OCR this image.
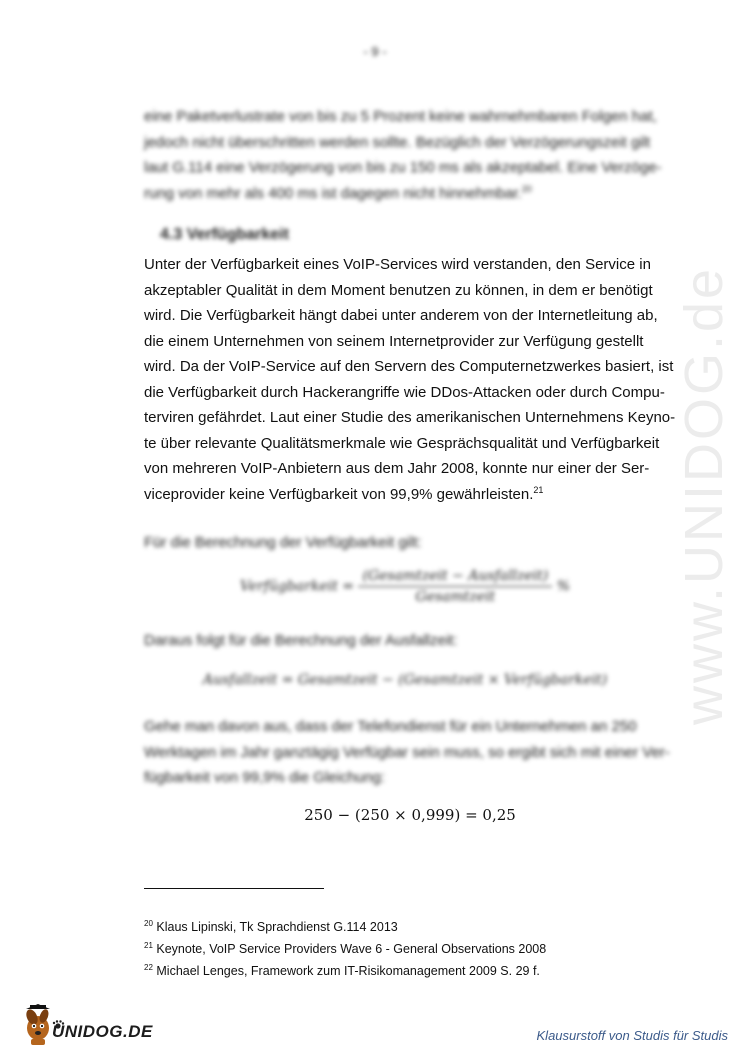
- 9 -
eine Paketverlustrate von bis zu 5 Prozent keine wahrnehmbaren Folgen hat,
jedoch nicht überschritten werden sollte. Bezüglich der Verzögerungszeit gilt
laut G.114 eine Verzögerung von bis zu 150 ms als akzeptabel. Eine Verzöge-
rung von mehr als 400 ms ist dagegen nicht hinnehmbar.$^{20}$
4.3 Verfügbarkeit
Unter der Verfügbarkeit eines VoIP-Services wird verstanden, den Service in
akzeptabler Qualität in dem Moment benutzen zu können, in dem er benötigt
wird. Die Verfügbarkeit hängt dabei unter anderem von der Internetleitung ab,
die einem Unternehmen von seinem Internetprovider zur Verfügung gestellt
wird. Da der VoIP-Service auf den Servern des Computernetzwerkes basiert, ist
die Verfügbarkeit durch Hackerangriffe wie DDos-Attacken oder durch Compu-
terviren gefährdet. Laut einer Studie des amerikanischen Unternehmens Keyno-
te über relevante Qualitätsmerkmale wie Gesprächsqualität und Verfügbarkeit
von mehreren VoIP-Anbietern aus dem Jahr 2008, konnte nur einer der Ser-
viceprovider keine Verfügbarkeit von 99,9% gewährleisten.$^{21}$
Für die Berechnung der Verfügbarkeit gilt:
Verfügbarkeit = $\frac{\text{(Gesamtzeit − Ausfallzeit)}}{\text{Gesamtzeit}}$ %
Daraus folgt für die Berechnung der Ausfallzeit:
Ausfallzeit = Gesamtzeit − (Gesamtzeit × Verfügbarkeit)
Gehe man davon aus, dass der Telefondienst für ein Unternehmen an 250
Werktagen im Jahr ganztägig Verfügbar sein muss, so ergibt sich mit einer Ver-
fügbarkeit von 99,9% die Gleichung:
250 − (250 × 0,999) = 0,25
$^{20}$ Klaus Lipinski, Tk Sprachdienst G.114 2013
$^{21}$ Keynote, VoIP Service Providers Wave 6 - General Observations 2008
$^{22}$ Michael Lenges, Framework zum IT-Risikomanagement 2009 S. 29 f.
www.UNIDOG.de
UNIDOG.DE	Klausurstoff von Studis für Studis
